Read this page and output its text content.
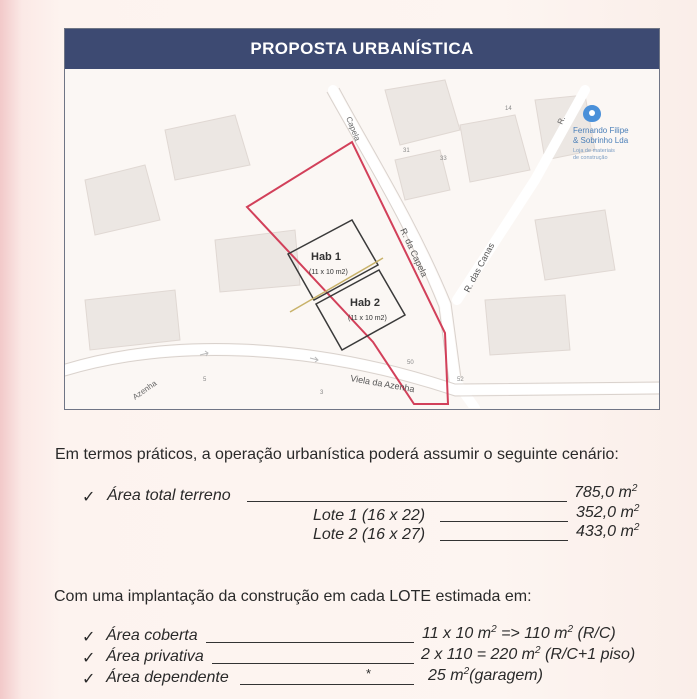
PROPOSTA URBANÍSTICA
Hab 1
(11 x 10 m2)
Hab 2
(11 x 10 m2)
Capela
R. da Capela	R. das Canas
Viela da Azenha
Azenha
R.
50
52
5
3
31
33
14
Fernando Filipe
& Sobrinho Lda
Loja de materiais
de construção
Em termos práticos, a operação urbanística poderá assumir o seguinte cenário:
✓ Área total terreno	785,0 $m^2$
Lote 1 (16 x 22)	352,0 $m^2$
Lote 2 (16 x 27)	433,0 $m^2$
Com uma implantação da construção em cada LOTE estimada em:
✓ Área coberta	11 x 10 $m^2 => 110$ $m^2$ (R/C)
✓ Área privativa	2 x 110 = 220 $m^2$ (R/C+1 piso)
✓ Área dependente	*	25 $m^2(garagem)$
